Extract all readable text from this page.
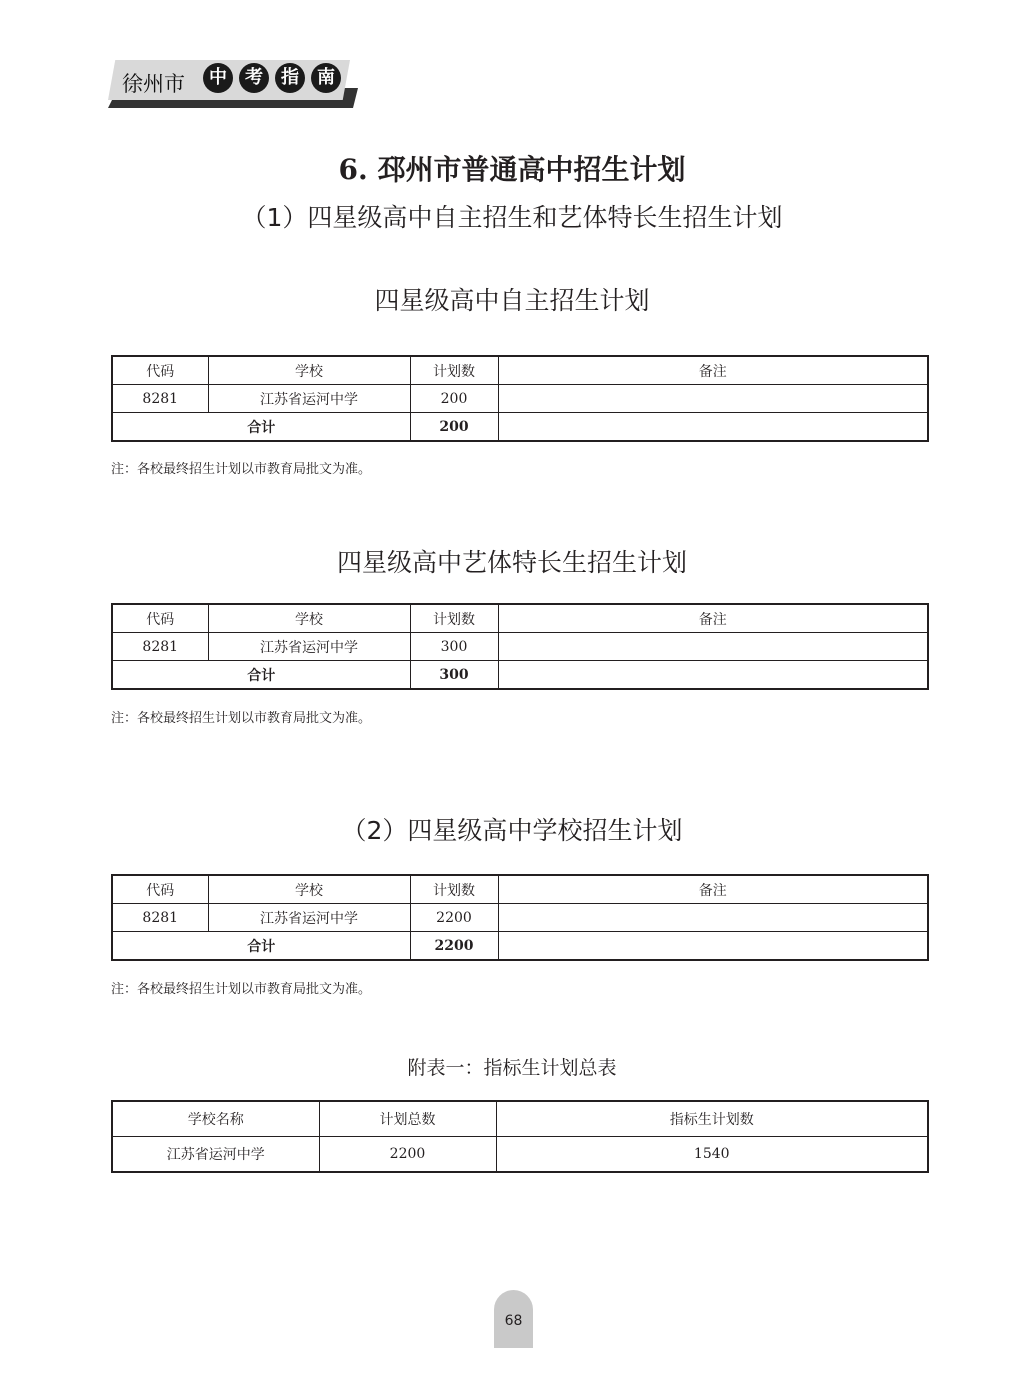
徐州市	中	考	指	南
6. 邳州市普通高中招生计划
（1）四星级高中自主招生和艺体特长生招生计划
四星级高中自主招生计划
代码	学校	计划数	备注
8281	江苏省运河中学	200	
合计		200	
注：各校最终招生计划以市教育局批文为准。
四星级高中艺体特长生招生计划
代码	学校	计划数	备注
8281	江苏省运河中学	300	
合计		300	
注：各校最终招生计划以市教育局批文为准。
（2）四星级高中学校招生计划
代码	学校	计划数	备注
8281	江苏省运河中学	2200	
合计		2200	
注：各校最终招生计划以市教育局批文为准。
附表一：指标生计划总表
学校名称	计划总数	指标生计划数
江苏省运河中学	2200	1540
68
